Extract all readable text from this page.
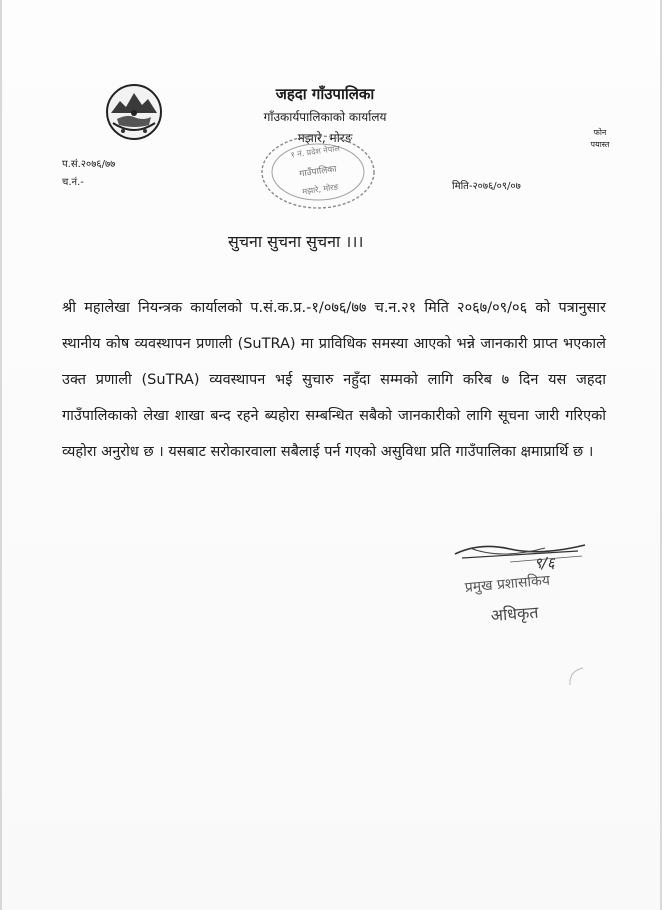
जहदा गाँउपालिका
गाँउकार्यपालिकाको कार्यालय
मझारे, मोरङ
१ नं. प्रदेश नेपाल
गाउँपालिका
मझारे, मोरङ
फोन
पयास्त
प.सं.२०७६/७७
च.नं.-	मिति-२०७६/०९/०७
सुचना सुचना सुचना ।।।
श्री महालेखा नियन्त्रक कार्यालको प.सं.क.प्र.-१/०७६/७७ च.न.२१ मिति २०६७/०९/०६ को पत्रानुसार स्थानीय कोष व्यवस्थापन प्रणाली (SuTRA) मा प्राविधिक समस्या आएको भन्ने जानकारी प्राप्त भएकाले उक्त प्रणाली (SuTRA) व्यवस्थापन भई सुचारु नहुँदा सम्मको लागि करिब ७ दिन यस जहदा गाउँपालिकाको लेखा शाखा बन्द रहने ब्यहोरा सम्बन्धित सबैको जानकारीको लागि सूचना जारी गरिएको व्यहोरा अनुरोध छ । यसबाट सरोकारवाला सबैलाई पर्न गएको असुविधा प्रति गाउँपालिका क्षमाप्रार्थि छ ।
९/६
प्रमुख प्रशासकिय
अधिकृत
